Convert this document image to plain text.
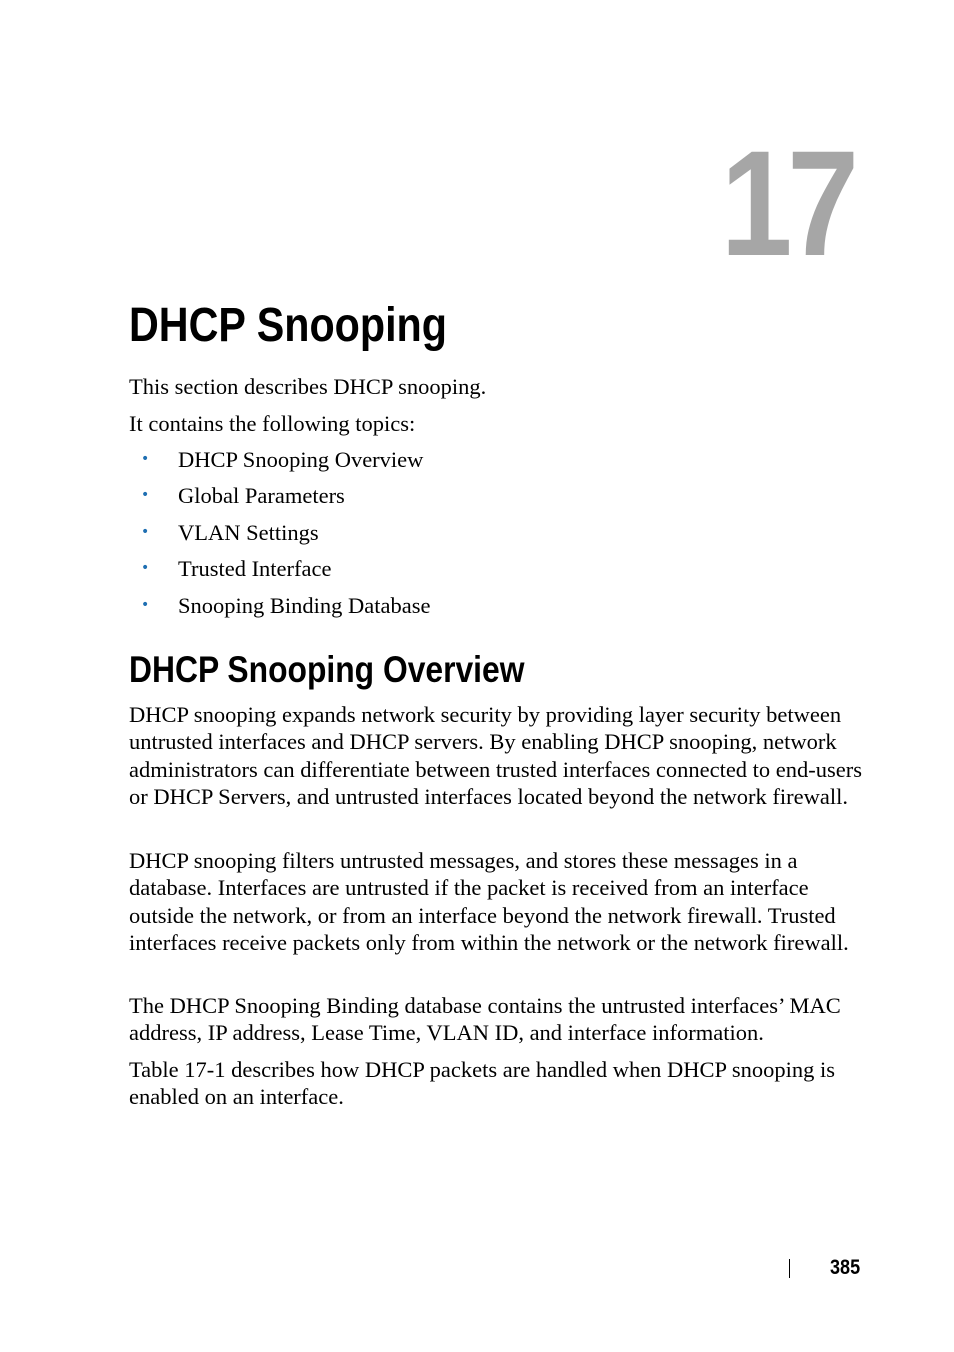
17
DHCP Snooping

This section describes DHCP snooping.

It contains the following topics:

• DHCP Snooping Overview
• Global Parameters
• VLAN Settings
• Trusted Interface
• Snooping Binding Database
DHCP Snooping Overview

DHCP snooping expands network security by providing layer security between untrusted interfaces and DHCP servers. By enabling DHCP snooping, network administrators can differentiate between trusted interfaces connected to end-users or DHCP Servers, and untrusted interfaces located beyond the network firewall.

DHCP snooping filters untrusted messages, and stores these messages in a database. Interfaces are untrusted if the packet is received from an interface outside the network, or from an interface beyond the network firewall. Trusted interfaces receive packets only from within the network or the network firewall.

The DHCP Snooping Binding database contains the untrusted interfaces’ MAC address, IP address, Lease Time, VLAN ID, and interface information.

Table 17-1 describes how DHCP packets are handled when DHCP snooping is enabled on an interface.

385
